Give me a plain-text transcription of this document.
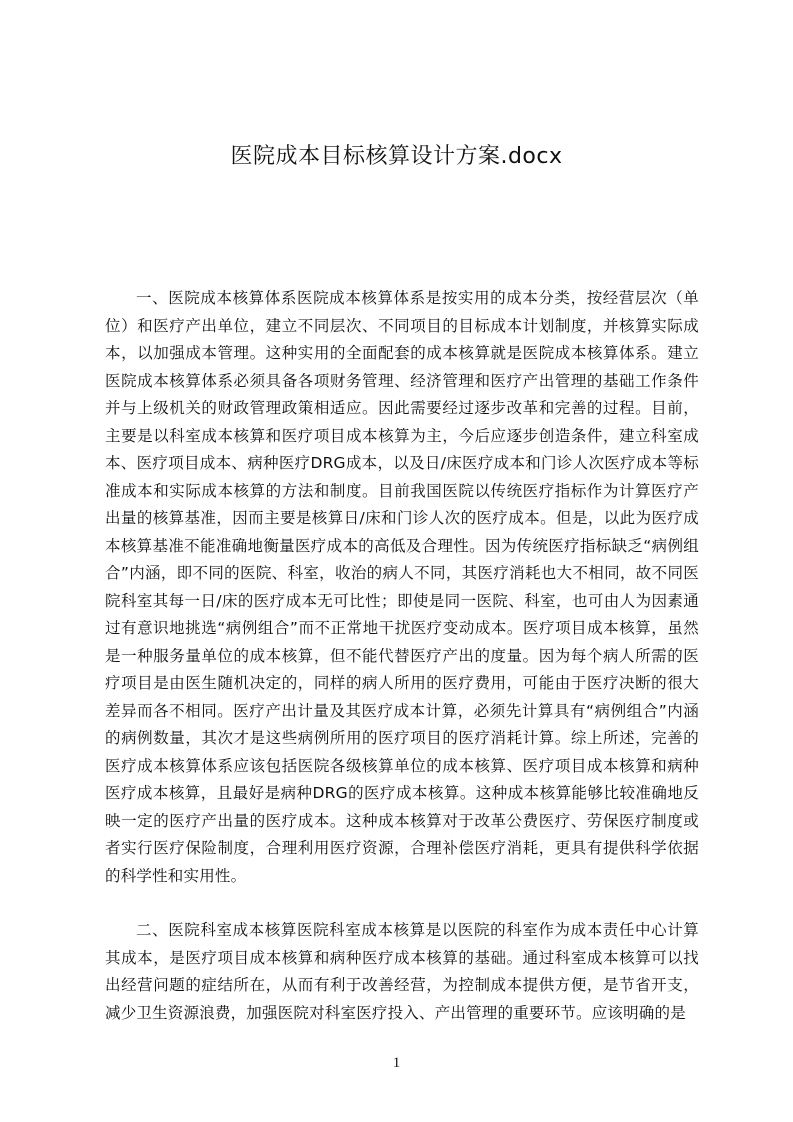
医院成本目标核算设计方案.docx

一、医院成本核算体系医院成本核算体系是按实用的成本分类，按经营层次（单位）和医疗产出单位，建立不同层次、不同项目的目标成本计划制度，并核算实际成本，以加强成本管理。这种实用的全面配套的成本核算就是医院成本核算体系。建立医院成本核算体系必须具备各项财务管理、经济管理和医疗产出管理的基础工作条件并与上级机关的财政管理政策相适应。因此需要经过逐步改革和完善的过程。目前，主要是以科室成本核算和医疗项目成本核算为主，今后应逐步创造条件，建立科室成本、医疗项目成本、病种医疗DRG成本，以及日/床医疗成本和门诊人次医疗成本等标准成本和实际成本核算的方法和制度。目前我国医院以传统医疗指标作为计算医疗产出量的核算基准，因而主要是核算日/床和门诊人次的医疗成本。但是，以此为医疗成本核算基准不能准确地衡量医疗成本的高低及合理性。因为传统医疗指标缺乏“病例组合”内涵，即不同的医院、科室，收治的病人不同，其医疗消耗也大不相同，故不同医院科室其每一日/床的医疗成本无可比性；即使是同一医院、科室，也可由人为因素通过有意识地挑选“病例组合”而不正常地干扰医疗变动成本。医疗项目成本核算，虽然是一种服务量单位的成本核算，但不能代替医疗产出的度量。因为每个病人所需的医疗项目是由医生随机决定的，同样的病人所用的医疗费用，可能由于医疗决断的很大差异而各不相同。医疗产出计量及其医疗成本计算，必须先计算具有“病例组合”内涵的病例数量，其次才是这些病例所用的医疗项目的医疗消耗计算。综上所述，完善的医疗成本核算体系应该包括医院各级核算单位的成本核算、医疗项目成本核算和病种医疗成本核算，且最好是病种DRG的医疗成本核算。这种成本核算能够比较准确地反映一定的医疗产出量的医疗成本。这种成本核算对于改革公费医疗、劳保医疗制度或者实行医疗保险制度，合理利用医疗资源，合理补偿医疗消耗，更具有提供科学依据的科学性和实用性。

二、医院科室成本核算医院科室成本核算是以医院的科室作为成本责任中心计算其成本，是医疗项目成本核算和病种医疗成本核算的基础。通过科室成本核算可以找出经营问题的症结所在，从而有利于改善经营，为控制成本提供方便，是节省开支，减少卫生资源浪费，加强医院对科室医疗投入、产出管理的重要环节。应该明确的是

1
